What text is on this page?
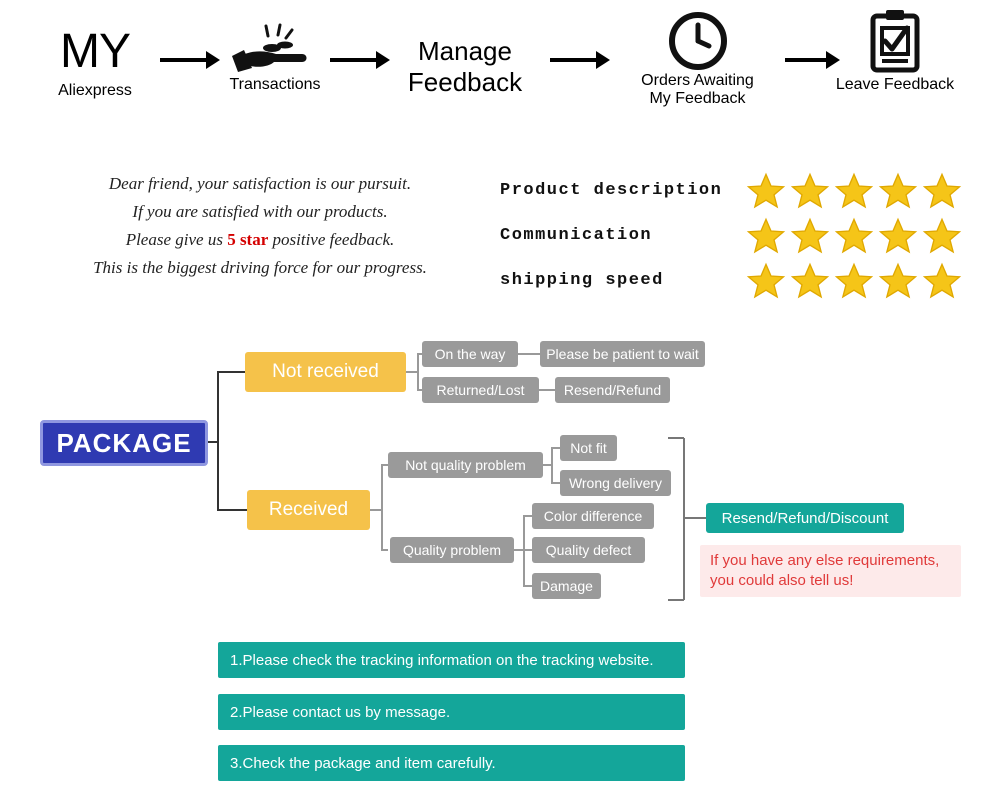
MY
Aliexpress	Transactions
Manage
Feedback	Orders Awaiting
My Feedback
Leave Feedback
Dear friend, your satisfaction is our pursuit.
If you are satisfied with our products.
Please give us 5 star positive feedback.
This is the biggest driving force for our progress.
Product description
Communication
shipping speed
PACKAGE
Not received
Received
On the way	Please be patient to wait
Returned/Lost	Resend/Refund
Not quality problem
Not fit
Wrong delivery
Quality problem
Color difference
Quality defect
Damage
Resend/Refund/Discount
If you have any else requirements,
you could also tell us!
1.Please check the tracking information on the tracking website.
2.Please contact us by message.
3.Check the package and item carefully.
